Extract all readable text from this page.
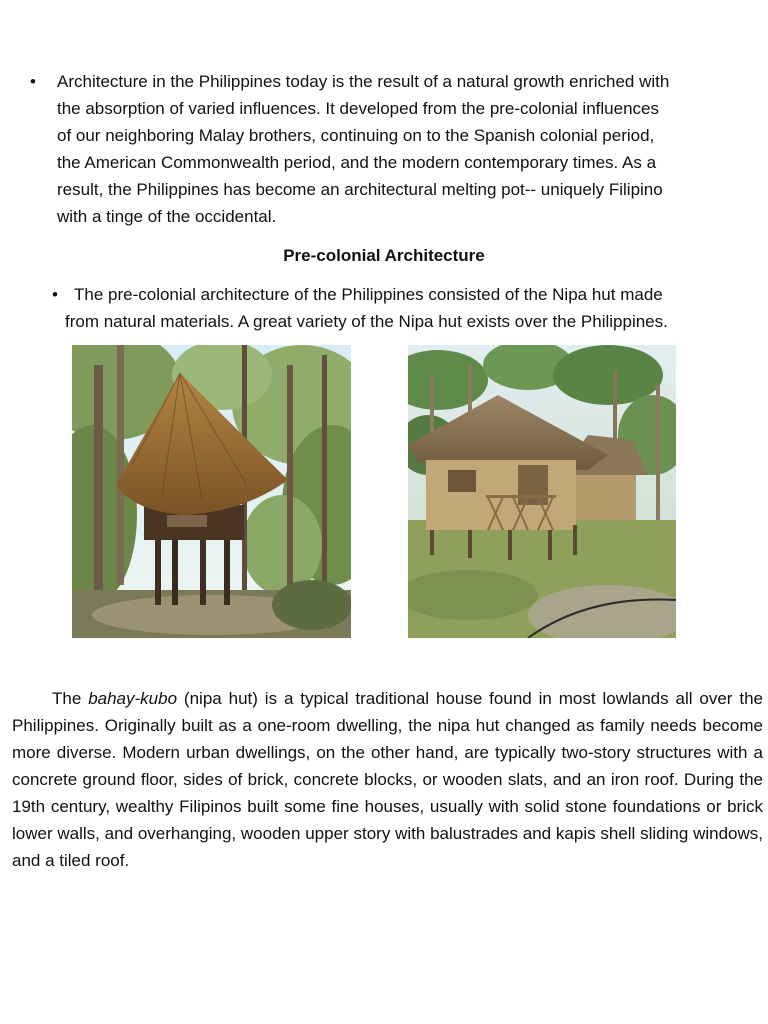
• Architecture in the Philippines today is the result of a natural growth enriched with
the absorption of varied influences. It developed from the pre-colonial influences
of our neighboring Malay brothers, continuing on to the Spanish colonial period,
the American Commonwealth period, and the modern contemporary times. As a
result, the Philippines has become an architectural melting pot-- uniquely Filipino
with a tinge of the occidental.
Pre-colonial Architecture
• The pre-colonial architecture of the Philippines consisted of the Nipa hut made
from natural materials. A great variety of the Nipa hut exists over the Philippines.
The bahay-kubo (nipa hut) is a typical traditional house found in most lowlands all over the Philippines. Originally built as a one-room dwelling, the nipa hut changed as family needs become more diverse. Modern urban dwellings, on the other hand, are typically two-story structures with a concrete ground floor, sides of brick, concrete blocks, or wooden slats, and an iron roof. During the 19th century, wealthy Filipinos built some fine houses, usually with solid stone foundations or brick lower walls, and overhanging, wooden upper story with balustrades and kapis shell sliding windows, and a tiled roof.
